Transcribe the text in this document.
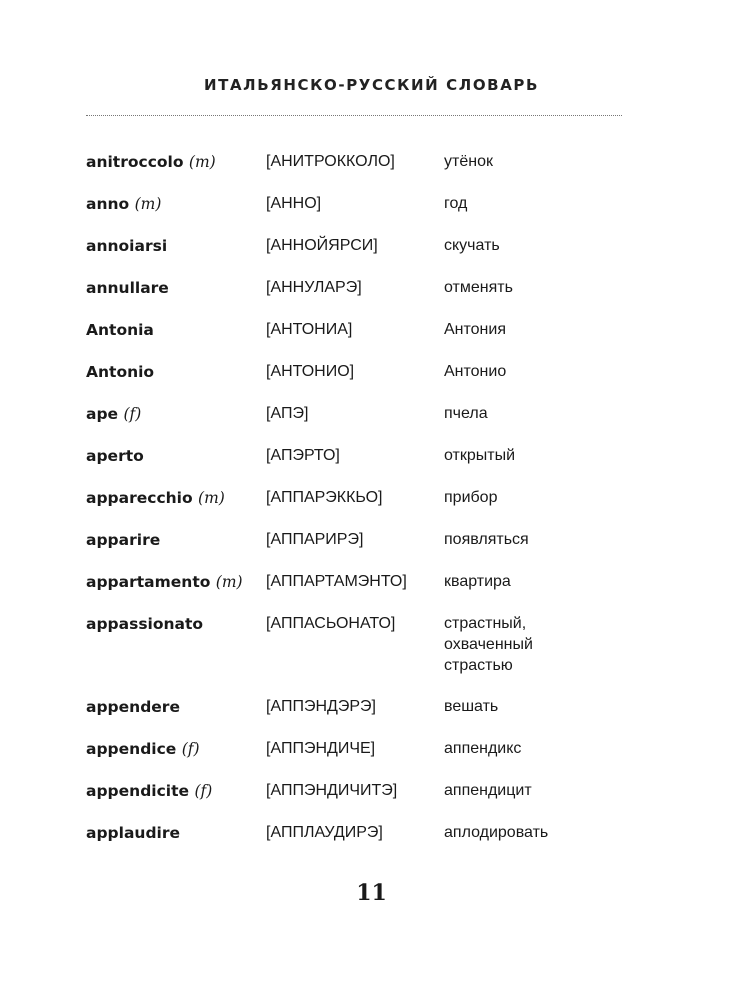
ИТАЛЬЯНСКО-РУССКИЙ СЛОВАРЬ
anitroccolo (m)	[АНИТРОККОЛО]	утёнок
anno (m)	[АННО]	год
annoiarsi	[АННОЙЯРСИ]	скучать
annullare	[АННУЛАРЭ]	отменять
Antonia	[АНТОНИА]	Антония
Antonio	[АНТОНИО]	Антонио
ape (f)	[АПЭ]	пчела
aperto	[АПЭРТО]	открытый
apparecchio (m)	[АППАРЭККЬО]	прибор
apparire	[АППАРИРЭ]	появляться
appartamento (m)	[АППАРТАМЭНТО]	квартира
appassionato	[АППАСЬОНАТО]	страстный,
охваченный
страстью
appendere	[АППЭНДЭРЭ]	вешать
appendice (f)	[АППЭНДИЧЕ]	аппендикс
appendicite (f)	[АППЭНДИЧИТЭ]	аппендицит
applaudire	[АППЛАУДИРЭ]	аплодировать
11
